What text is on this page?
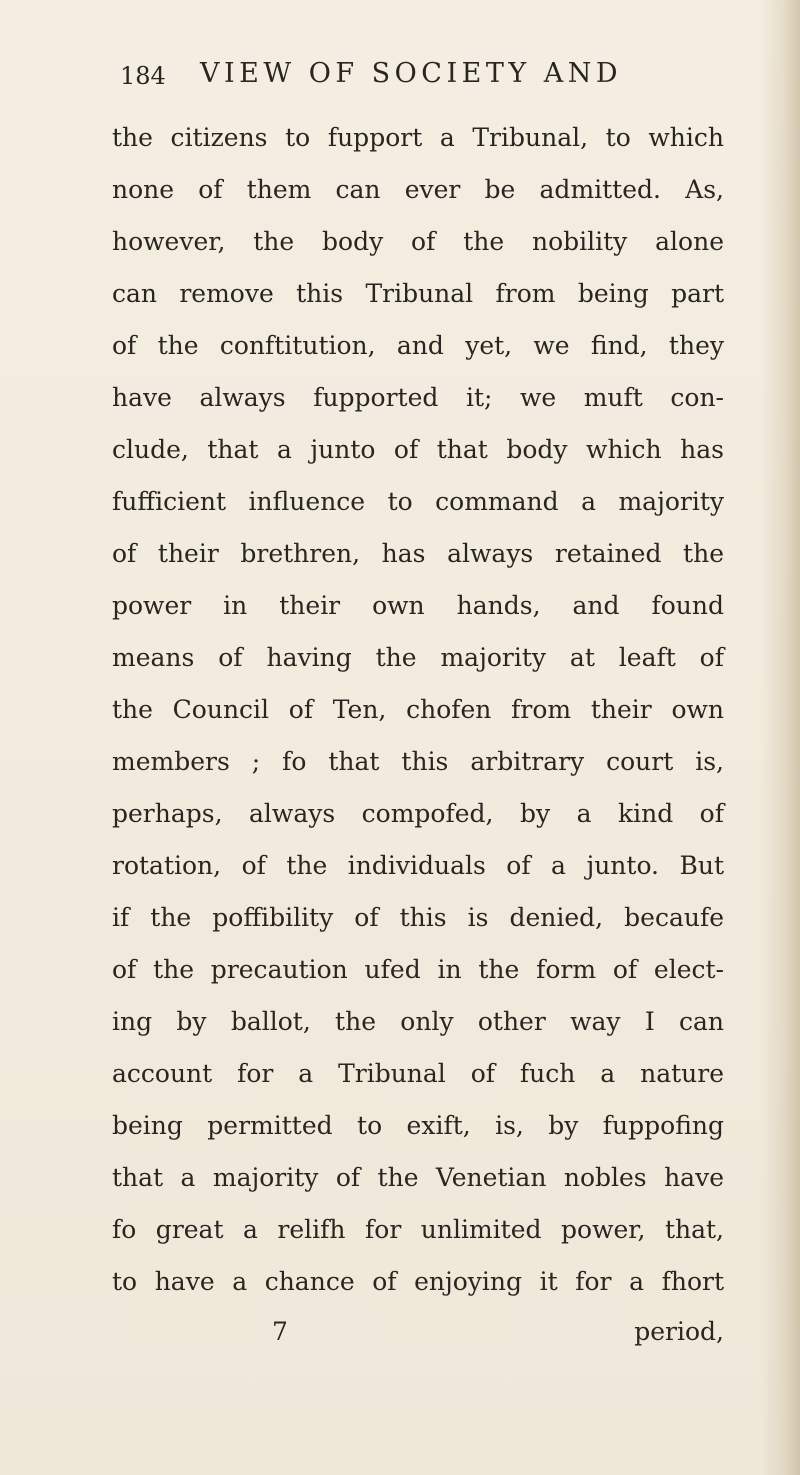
184 VIEW OF SOCIETY AND
the citizens to fupport a Tribunal, to which
none of them can ever be admitted. As,
however, the body of the nobility alone
can remove this Tribunal from being part
of the conftitution, and yet, we find, they
have always fupported it; we muft con-
clude, that a junto of that body which has
fufficient influence to command a majority
of their brethren, has always retained the
power in their own hands, and found
means of having the majority at leaft of
the Council of Ten, chofen from their own
members ; fo that this arbitrary court is,
perhaps, always compofed, by a kind of
rotation, of the individuals of a junto. But
if the poffibility of this is denied, becaufe
of the precaution ufed in the form of elect-
ing by ballot, the only other way I can
account for a Tribunal of fuch a nature
being permitted to exift, is, by fuppofing
that a majority of the Venetian nobles have
fo great a relifh for unlimited power, that,
to have a chance of enjoying it for a fhort
7	period,
